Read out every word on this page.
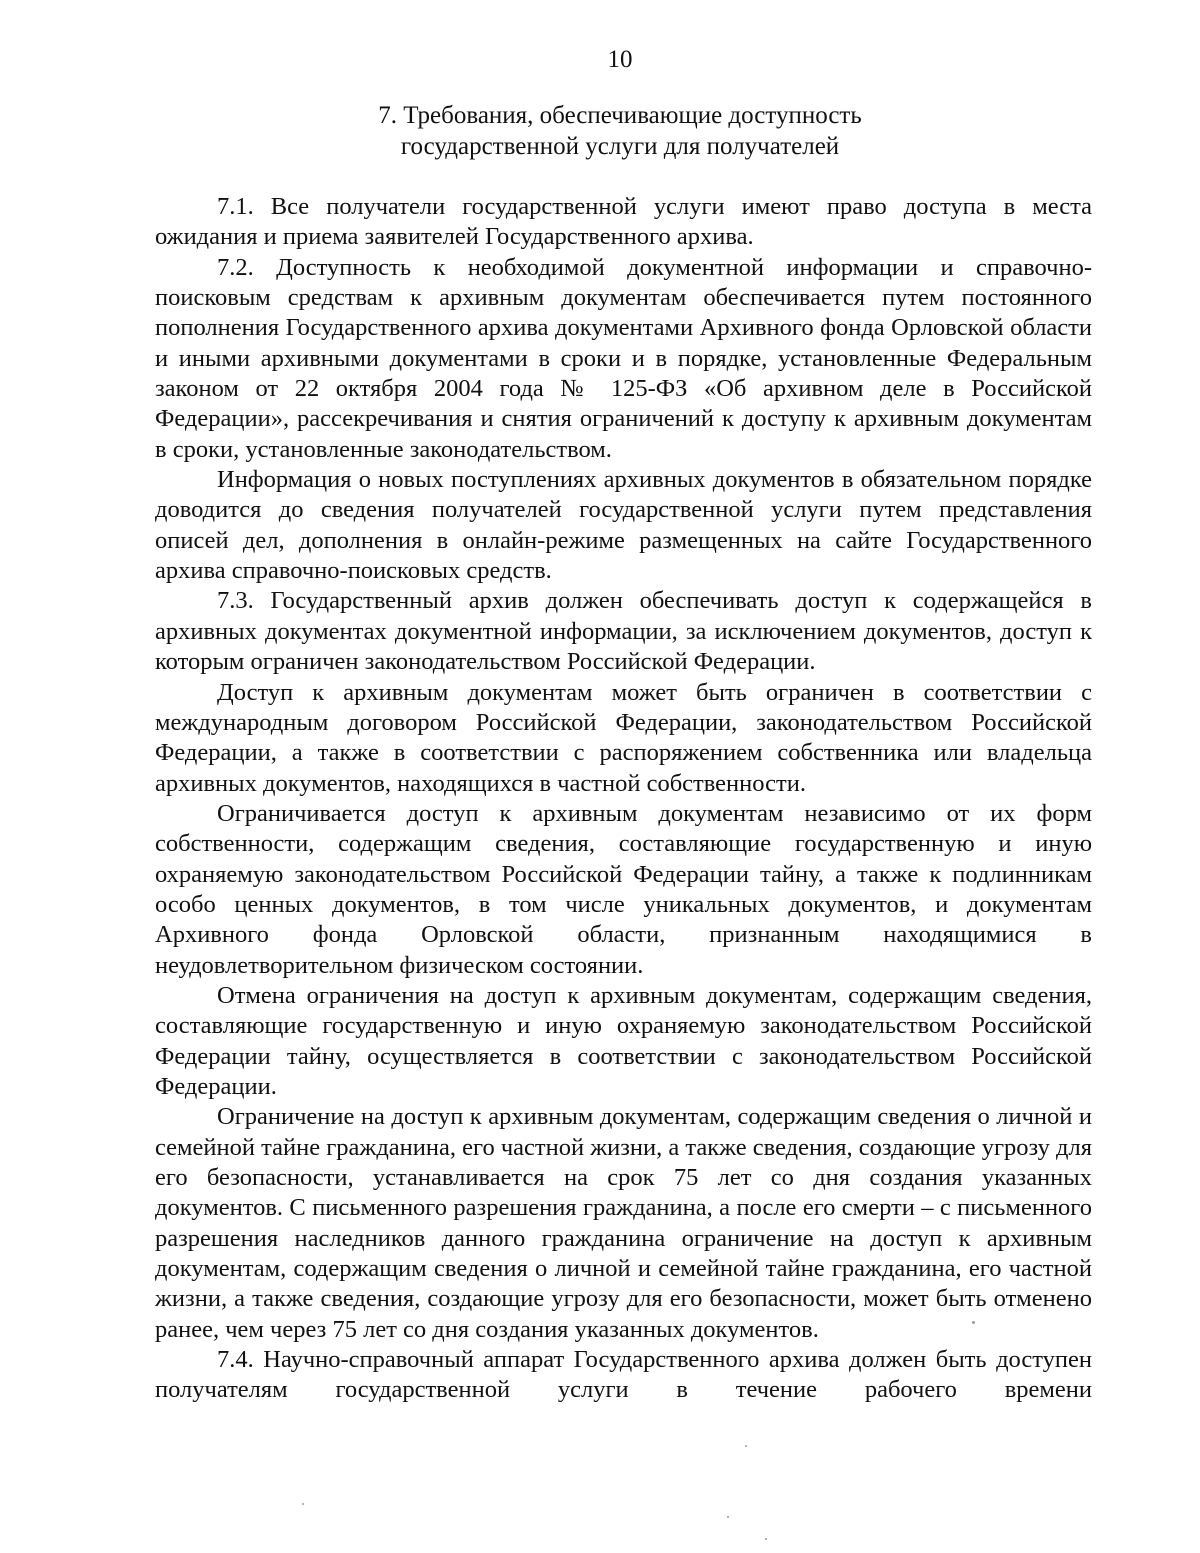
10
7. Требования, обеспечивающие доступность
государственной услуги для получателей

7.1. Все получатели государственной услуги имеют право доступа в места ожидания и приема заявителей Государственного архива.

7.2. Доступность к необходимой документной информации и справочно-поисковым средствам к архивным документам обеспечивается путем постоянного пополнения Государственного архива документами Архивного фонда Орловской области и иными архивными документами в сроки и в порядке, установленные Федеральным законом от 22 октября 2004 года № 125-ФЗ «Об архивном деле в Российской Федерации», рассекречивания и снятия ограничений к доступу к архивным документам в сроки, установленные законодательством.

Информация о новых поступлениях архивных документов в обязательном порядке доводится до сведения получателей государственной услуги путем представления описей дел, дополнения в онлайн-режиме размещенных на сайте Государственного архива справочно-поисковых средств.

7.3. Государственный архив должен обеспечивать доступ к содержащейся в архивных документах документной информации, за исключением документов, доступ к которым ограничен законодательством Российской Федерации.

Доступ к архивным документам может быть ограничен в соответствии с международным договором Российской Федерации, законодательством Российской Федерации, а также в соответствии с распоряжением собственника или владельца архивных документов, находящихся в частной собственности.

Ограничивается доступ к архивным документам независимо от их форм собственности, содержащим сведения, составляющие государственную и иную охраняемую законодательством Российской Федерации тайну, а также к подлинникам особо ценных документов, в том числе уникальных документов, и документам Архивного фонда Орловской области, признанным находящимися в неудовлетворительном физическом состоянии.

Отмена ограничения на доступ к архивным документам, содержащим сведения, составляющие государственную и иную охраняемую законодательством Российской Федерации тайну, осуществляется в соответствии с законодательством Российской Федерации.

Ограничение на доступ к архивным документам, содержащим сведения о личной и семейной тайне гражданина, его частной жизни, а также сведения, создающие угрозу для его безопасности, устанавливается на срок 75 лет со дня создания указанных документов. С письменного разрешения гражданина, а после его смерти – с письменного разрешения наследников данного гражданина ограничение на доступ к архивным документам, содержащим сведения о личной и семейной тайне гражданина, его частной жизни, а также сведения, создающие угрозу для его безопасности, может быть отменено ранее, чем через 75 лет со дня создания указанных документов.

7.4. Научно-справочный аппарат Государственного архива должен быть доступен получателям государственной услуги в течение рабочего времени
